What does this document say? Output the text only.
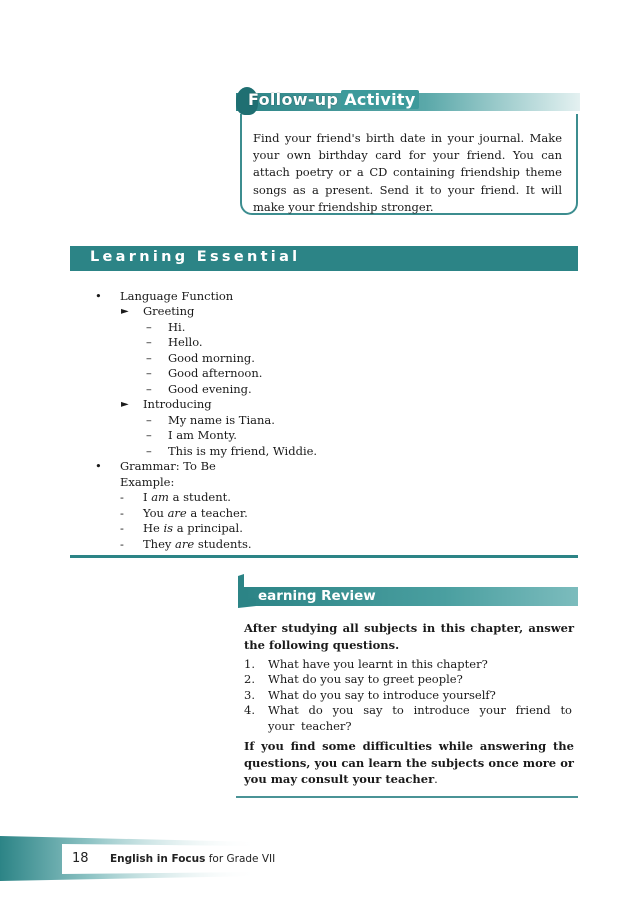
Follow-up Activity

Find your friend's birth date in your journal. Make your own birthday card for your friend. You can attach poetry or a CD containing friendship theme songs as a present. Send it to your friend. It will make your friendship stronger.

Learning Essential
• Language Function
► Greeting
– Hi.
– Hello.
– Good morning.
– Good afternoon.
– Good evening.
► Introducing
– My name is Tiana.
– I am Monty.
– This is my friend, Widdie.
• Grammar: To Be
Example:
- I am a student.
- You are a teacher.
- He is a principal.
- They are students.
earning Review

After studying all subjects in this chapter, answer the following questions.

1. What have you learnt in this chapter?
2. What do you say to greet people?
3. What do you say to introduce yourself?
4. What do you say to introduce your friend to your teacher?

If you find some difficulties while answering the questions, you can learn the subjects once more or you may consult your teacher.

18 English in Focus for Grade VII
